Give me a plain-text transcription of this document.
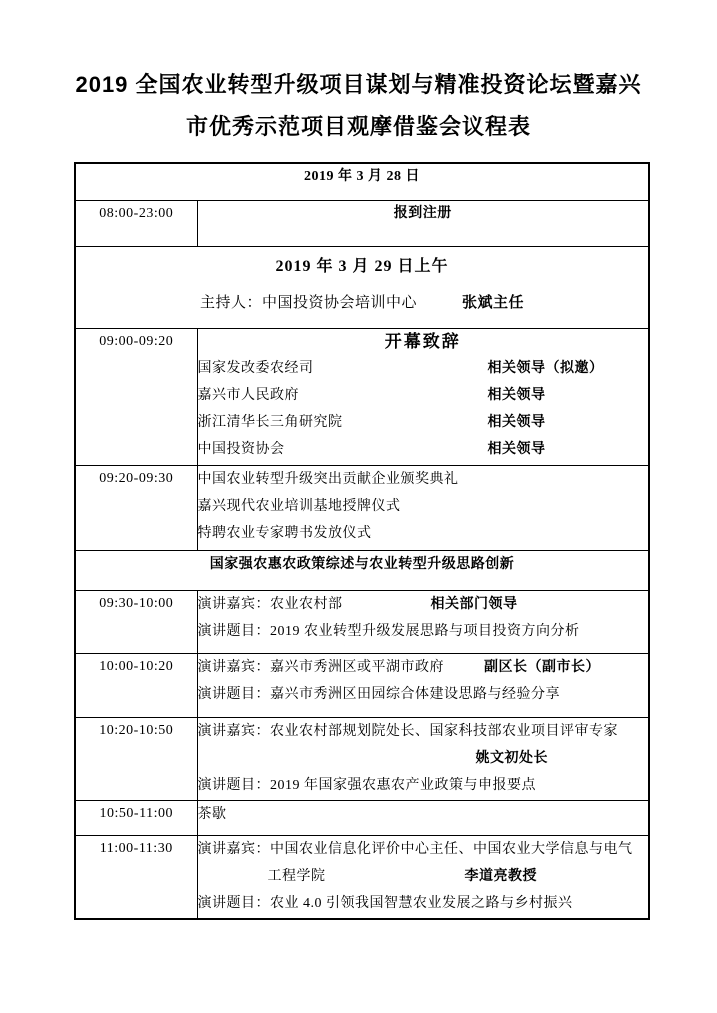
2019 全国农业转型升级项目谋划与精准投资论坛暨嘉兴
市优秀示范项目观摩借鉴会议程表
2019 年 3 月 28 日	
08:00-23:00	报到注册

2019 年 3 月 29 日上午
主持人：中国投资协会培训中心 张斌主任	

09:00-09:20	开幕致辞
国家发改委农经司	相关领导（拟邀）
嘉兴市人民政府	相关领导
浙江清华长三角研究院	相关领导
中国投资协会	相关领导

09:20-09:30	中国农业转型升级突出贡献企业颁奖典礼
嘉兴现代农业培训基地授牌仪式
特聘农业专家聘书发放仪式

国家强农惠农政策综述与农业转型升级思路创新	
09:30-10:00	演讲嘉宾：农业农村部 相关部门领导
演讲题目：2019 农业转型升级发展思路与项目投资方向分析

10:00-10:20	演讲嘉宾：嘉兴市秀洲区或平湖市政府 副区长（副市长）
演讲题目：嘉兴市秀洲区田园综合体建设思路与经验分享

10:20-10:50	演讲嘉宾：农业农村部规划院处长、国家科技部农业项目评审专家
姚文初处长
演讲题目：2019 年国家强农惠农产业政策与申报要点

10:50-11:00	茶歇
11:00-11:30	演讲嘉宾：中国农业信息化评价中心主任、中国农业大学信息与电气
工程学院 李道亮教授
演讲题目：农业 4.0 引领我国智慧农业发展之路与乡村振兴
